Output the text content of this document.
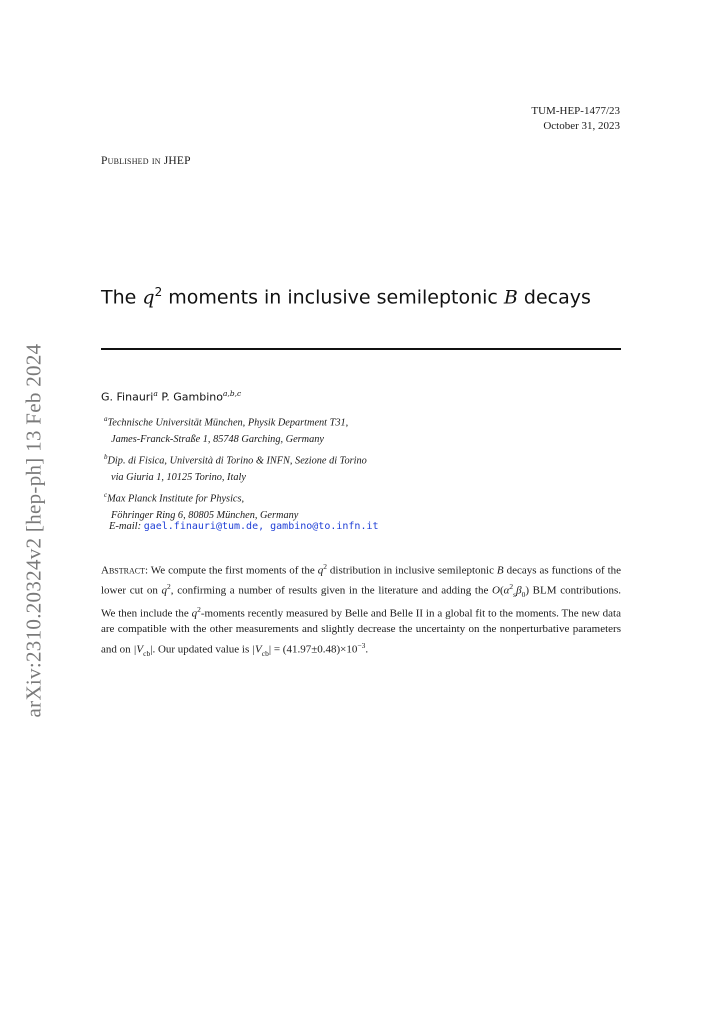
TUM-HEP-1477/23
October 31, 2023
Published in JHEP
arXiv:2310.20324v2 [hep-ph] 13 Feb 2024
The $q^2$ moments in inclusive semileptonic B decays
G. Finauri$^a$ P. Gambino$^{a,b,c}$
$^a$Technische Universität München, Physik Department T31,
James-Franck-Straße 1, 85748 Garching, Germany
$^b$Dip. di Fisica, Università di Torino & INFN, Sezione di Torino
via Giuria 1, 10125 Torino, Italy
$^c$Max Planck Institute for Physics,
Föhringer Ring 6, 80805 München, Germany
E-mail: gael.finauri@tum.de, gambino@to.infn.it
Abstract: We compute the first moments of the $q^2$ distribution in inclusive semileptonic B decays as functions of the lower cut on $q^2$, confirming a number of results given in the literature and adding the $O(\alpha^2_s\beta_0)$ BLM contributions. We then include the $q^2$-moments recently measured by Belle and Belle II in a global fit to the moments. The new data are compatible with the other measurements and slightly decrease the uncertainty on the nonperturbative parameters and on $|V_{cb}|$. Our updated value is $|V_{cb}| = (41.97\pm 0.48)\times 10^{-3}$.
